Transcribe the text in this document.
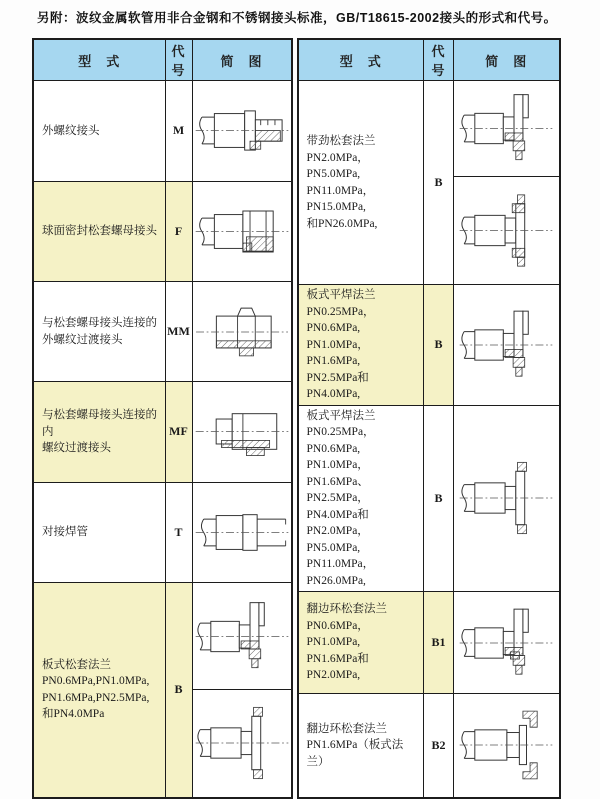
另附：波纹金属软管用非合金钢和不锈钢接头标准，GB/T18615-2002接头的形式和代号。

型　式	代号	简　图

外螺纹接头	M	

球面密封松套螺母接头	F	

与松套螺母接头连接的
外螺纹过渡接头	MM	

与松套螺母接头连接的内
螺纹过渡接头	MF	

对接焊管	T	

板式松套法兰
PN0.6MPa,PN1.0MPa,
PN1.6MPa,PN2.5MPa,
和PN4.0MPa	B	

型　式	代号	简　图

带劲松套法兰
PN2.0MPa，PN5.0MPa,
PN11.0MPa，PN15.0MPa,
和PN26.0MPa,	B	

板式平焊法兰
PN0.25MPa，PN0.6MPa,
PN1.0MPa，PN1.6MPa,
PN2.5MPa和PN4.0MPa,	B	

板式平焊法兰
PN0.25MPa，PN0.6MPa,
PN1.0MPa，PN1.6MPa、
PN2.5MPa，PN4.0MPa和
PN2.0MPa，PN5.0MPa,
PN11.0MPa，PN26.0MPa,
	B	

翻边环松套法兰
PN0.6MPa，PN1.0MPa,
PN1.6MPa和PN2.0MPa,	B1	

翻边环松套法兰
PN1.6MPa（板式法兰）	B2	
